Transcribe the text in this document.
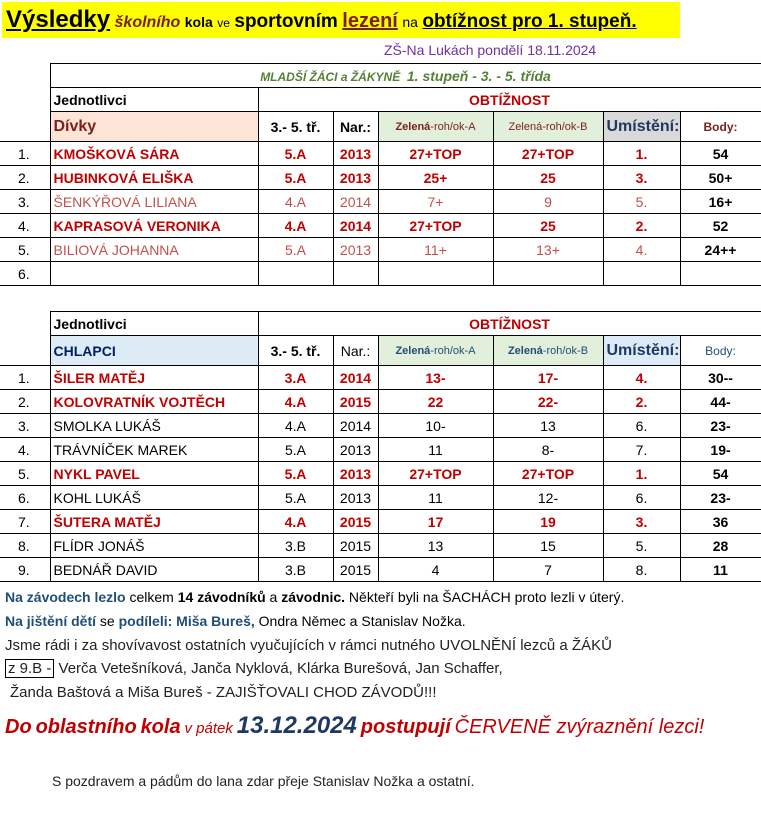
Výsledky školního kola ve sportovním lezení na obtížnost pro 1. stupeň.
ZŠ-Na Lukách pondělí 18.11.2024
	MLADŠÍ ŽÁCI a ŽÁKYNĚ 1. stupeň - 3. - 5. třída						
	Jednotlivci	OBTÍŽNOST					
	Dívky	3.- 5. tř.	Nar.:	Zelená-roh/ok-A	Zelená-roh/ok-B	Umístění:	Body:
1.	KMOŠKOVÁ SÁRA	5.A	2013	27+TOP	27+TOP	1.	54
2.	HUBINKOVÁ ELIŠKA	5.A	2013	25+	25	3.	50+
3.	ŠENKÝŘOVÁ LILIANA	4.A	2014	7+	9	5.	16+
4.	KAPRASOVÁ VERONIKA	4.A	2014	27+TOP	25	2.	52
5.	BILIOVÁ JOHANNA	5.A	2013	11+	13+	4.	24++
6.							
	Jednotlivci	OBTÍŽNOST					
	CHLAPCI	3.- 5. tř.	Nar.:	Zelená-roh/ok-A	Zelená-roh/ok-B	Umístění:	Body:
1.	ŠILER MATĚJ	3.A	2014	13-	17-	4.	30--
2.	KOLOVRATNÍK VOJTĚCH	4.A	2015	22	22-	2.	44-
3.	SMOLKA LUKÁŠ	4.A	2014	10-	13	6.	23-
4.	TRÁVNÍČEK MAREK	5.A	2013	11	8-	7.	19-
5.	NYKL PAVEL	5.A	2013	27+TOP	27+TOP	1.	54
6.	KOHL LUKÁŠ	5.A	2013	11	12-	6.	23-
7.	ŠUTERA MATĚJ	4.A	2015	17	19	3.	36
8.	FLÍDR JONÁŠ	3.B	2015	13	15	5.	28
9.	BEDNÁŘ DAVID	3.B	2015	4	7	8.	11
Na závodech lezlo celkem 14 závodníků a závodnic. Někteří byli na ŠACHÁCH proto lezli v úterý.
Na jištění dětí se podíleli: Miša Bureš, Ondra Němec a Stanislav Nožka.
Jsme rádi i za shovívavost ostatních vyučujících v rámci nutného UVOLNĚNÍ lezců a ŽÁKŮ
z 9.B - Verča Vetešníková, Janča Nyklová, Klárka Burešová, Jan Schaffer,
Žanda Baštová a Miša Bureš - ZAJIŠŤOVALI CHOD ZÁVODŮ!!!
Do oblastního kola v pátek 13.12.2024 postupují ČERVENĚ zvýraznění lezci!
S pozdravem a pádům do lana zdar přeje Stanislav Nožka a ostatní.
